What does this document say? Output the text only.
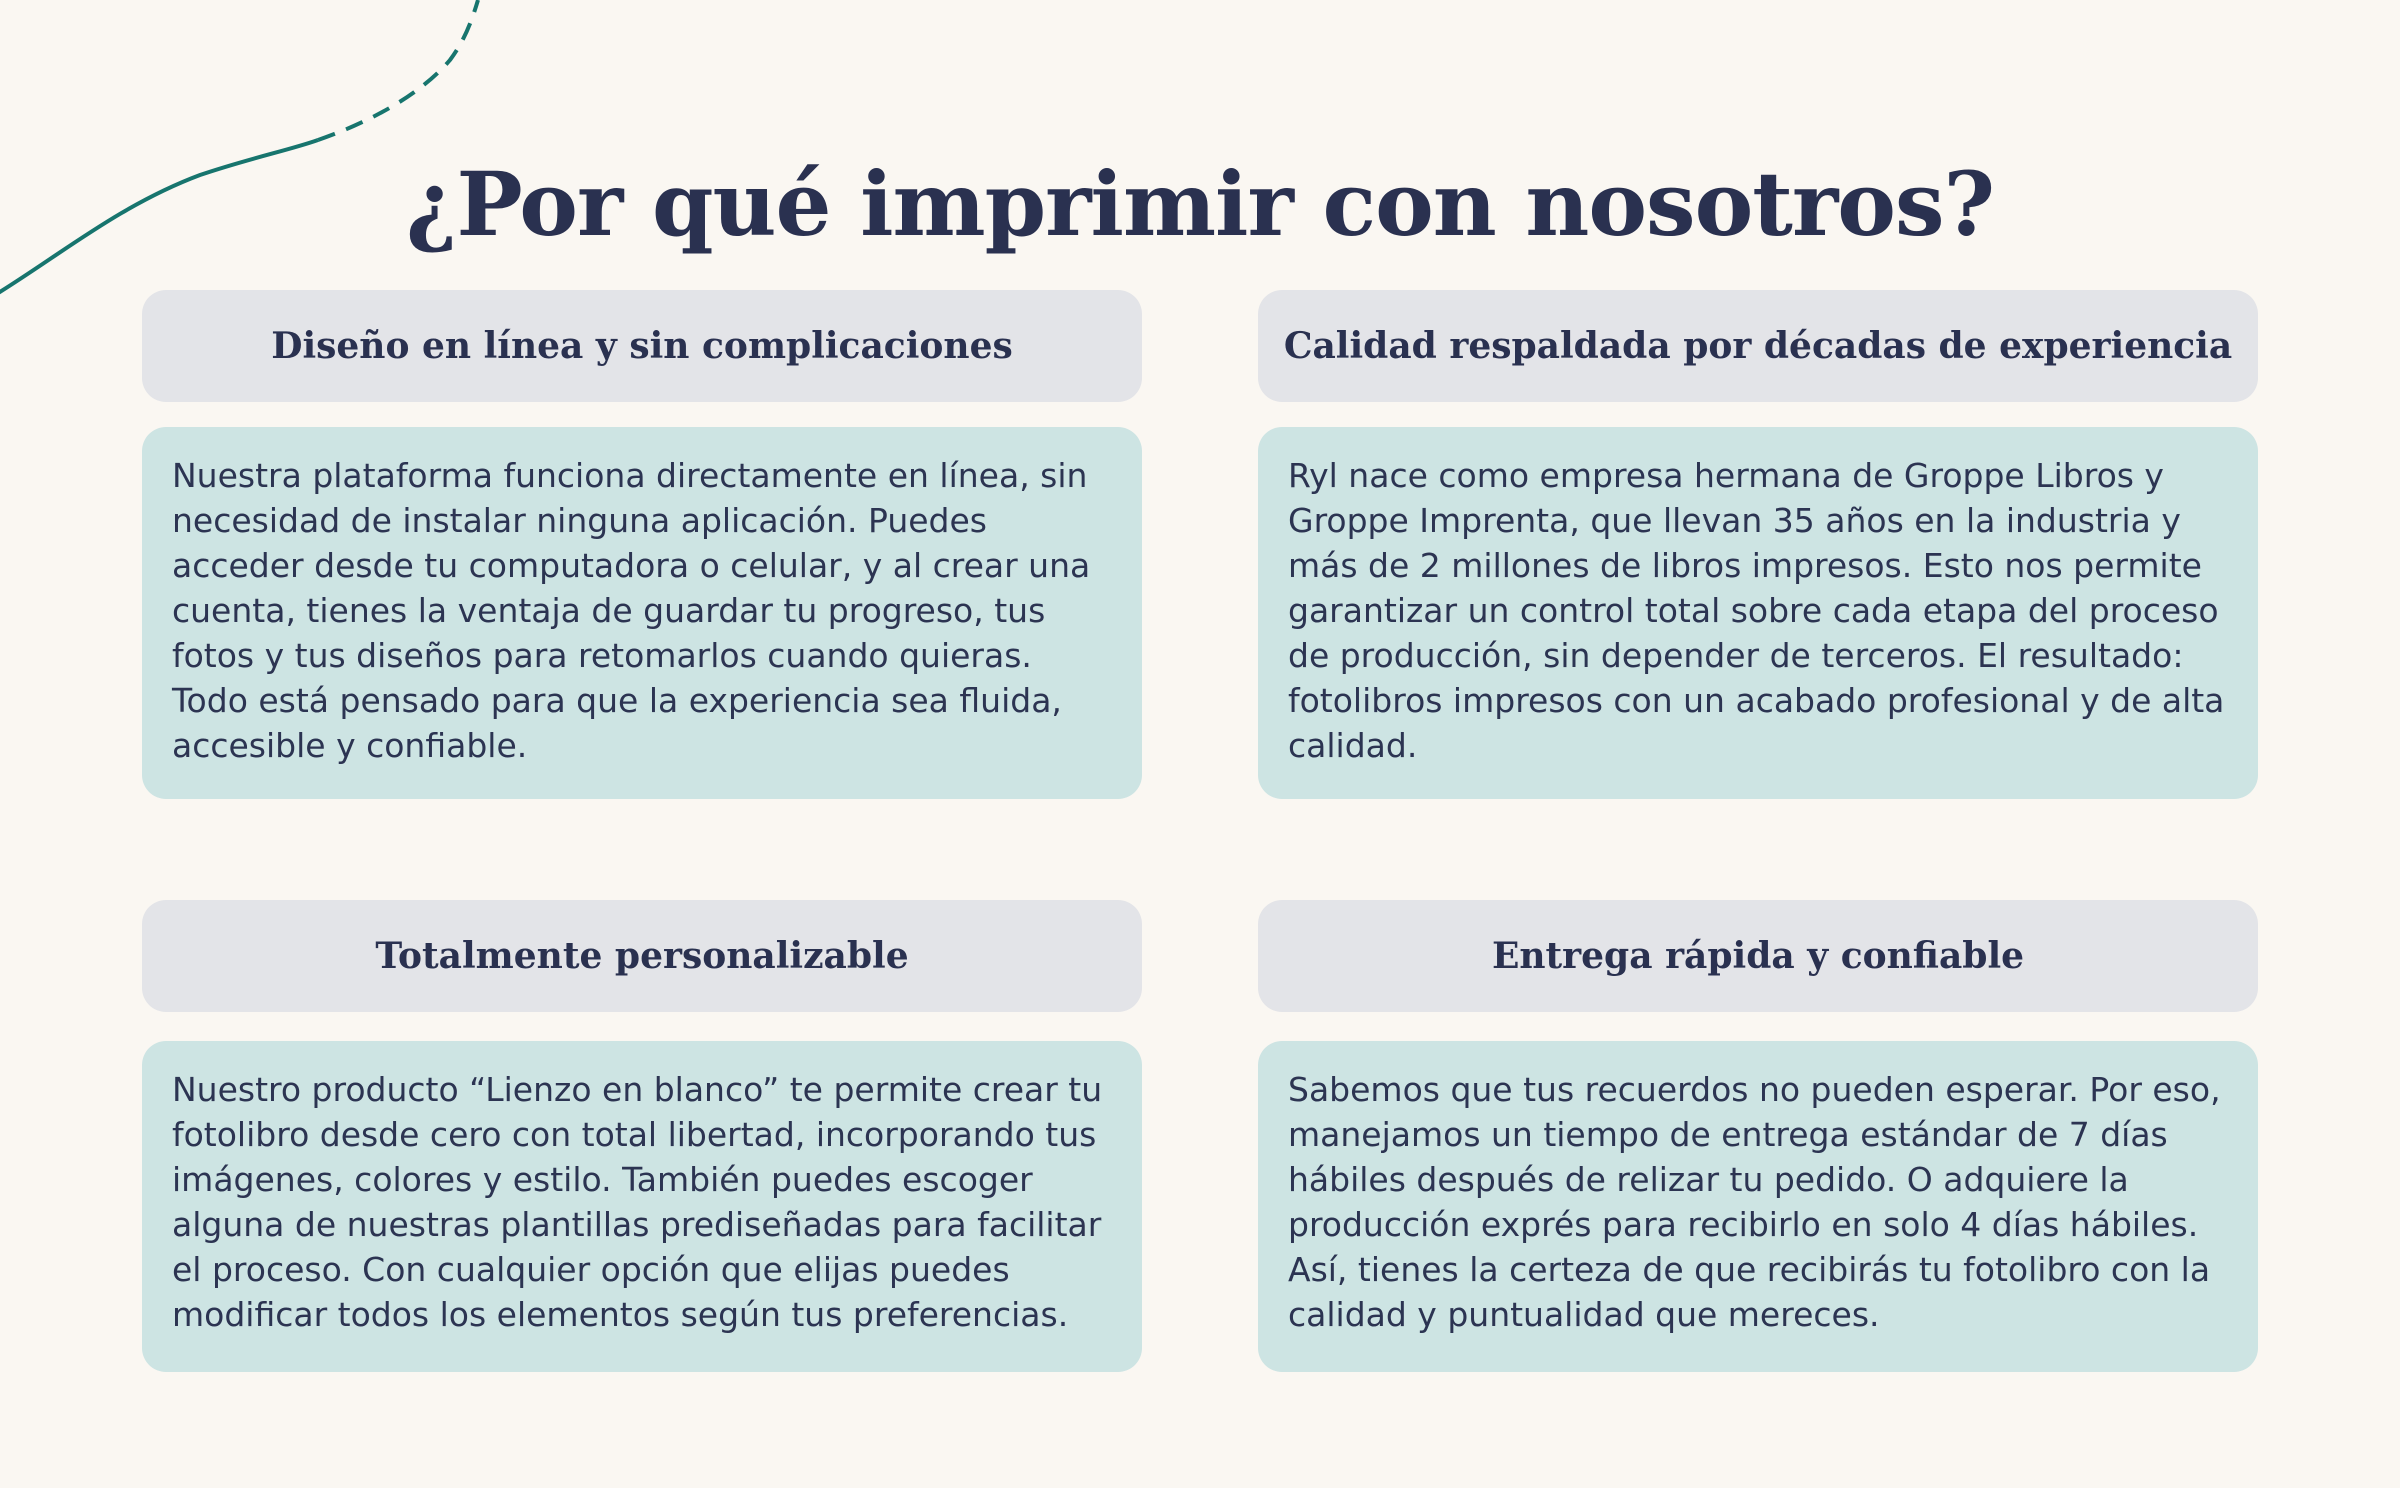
¿Por qué imprimir con nosotros?
Diseño en línea y sin complicaciones
Nuestra plataforma funciona directamente en línea, sin necesidad de instalar ninguna aplicación. Puedes acceder desde tu computadora o celular, y al crear una cuenta, tienes la ventaja de guardar tu progreso, tus fotos y tus diseños para retomarlos cuando quieras. Todo está pensado para que la experiencia sea fluida, accesible y confiable.
Calidad respaldada por décadas de experiencia
Ryl nace como empresa hermana de Groppe Libros y Groppe Imprenta, que llevan 35 años en la industria y más de 2 millones de libros impresos. Esto nos permite garantizar un control total sobre cada etapa del proceso de producción, sin depender de terceros. El resultado: fotolibros impresos con un acabado profesional y de alta calidad.
Totalmente personalizable
Nuestro producto “Lienzo en blanco” te permite crear tu fotolibro desde cero con total libertad, incorporando tus imágenes, colores y estilo. También puedes escoger alguna de nuestras plantillas prediseñadas para facilitar el proceso. Con cualquier opción que elijas puedes modificar todos los elementos según tus preferencias.
Entrega rápida y confiable
Sabemos que tus recuerdos no pueden esperar. Por eso, manejamos un tiempo de entrega estándar de 7 días hábiles después de relizar tu pedido. O adquiere la producción exprés para recibirlo en solo 4 días hábiles. Así, tienes la certeza de que recibirás tu fotolibro con la calidad y puntualidad que mereces.
